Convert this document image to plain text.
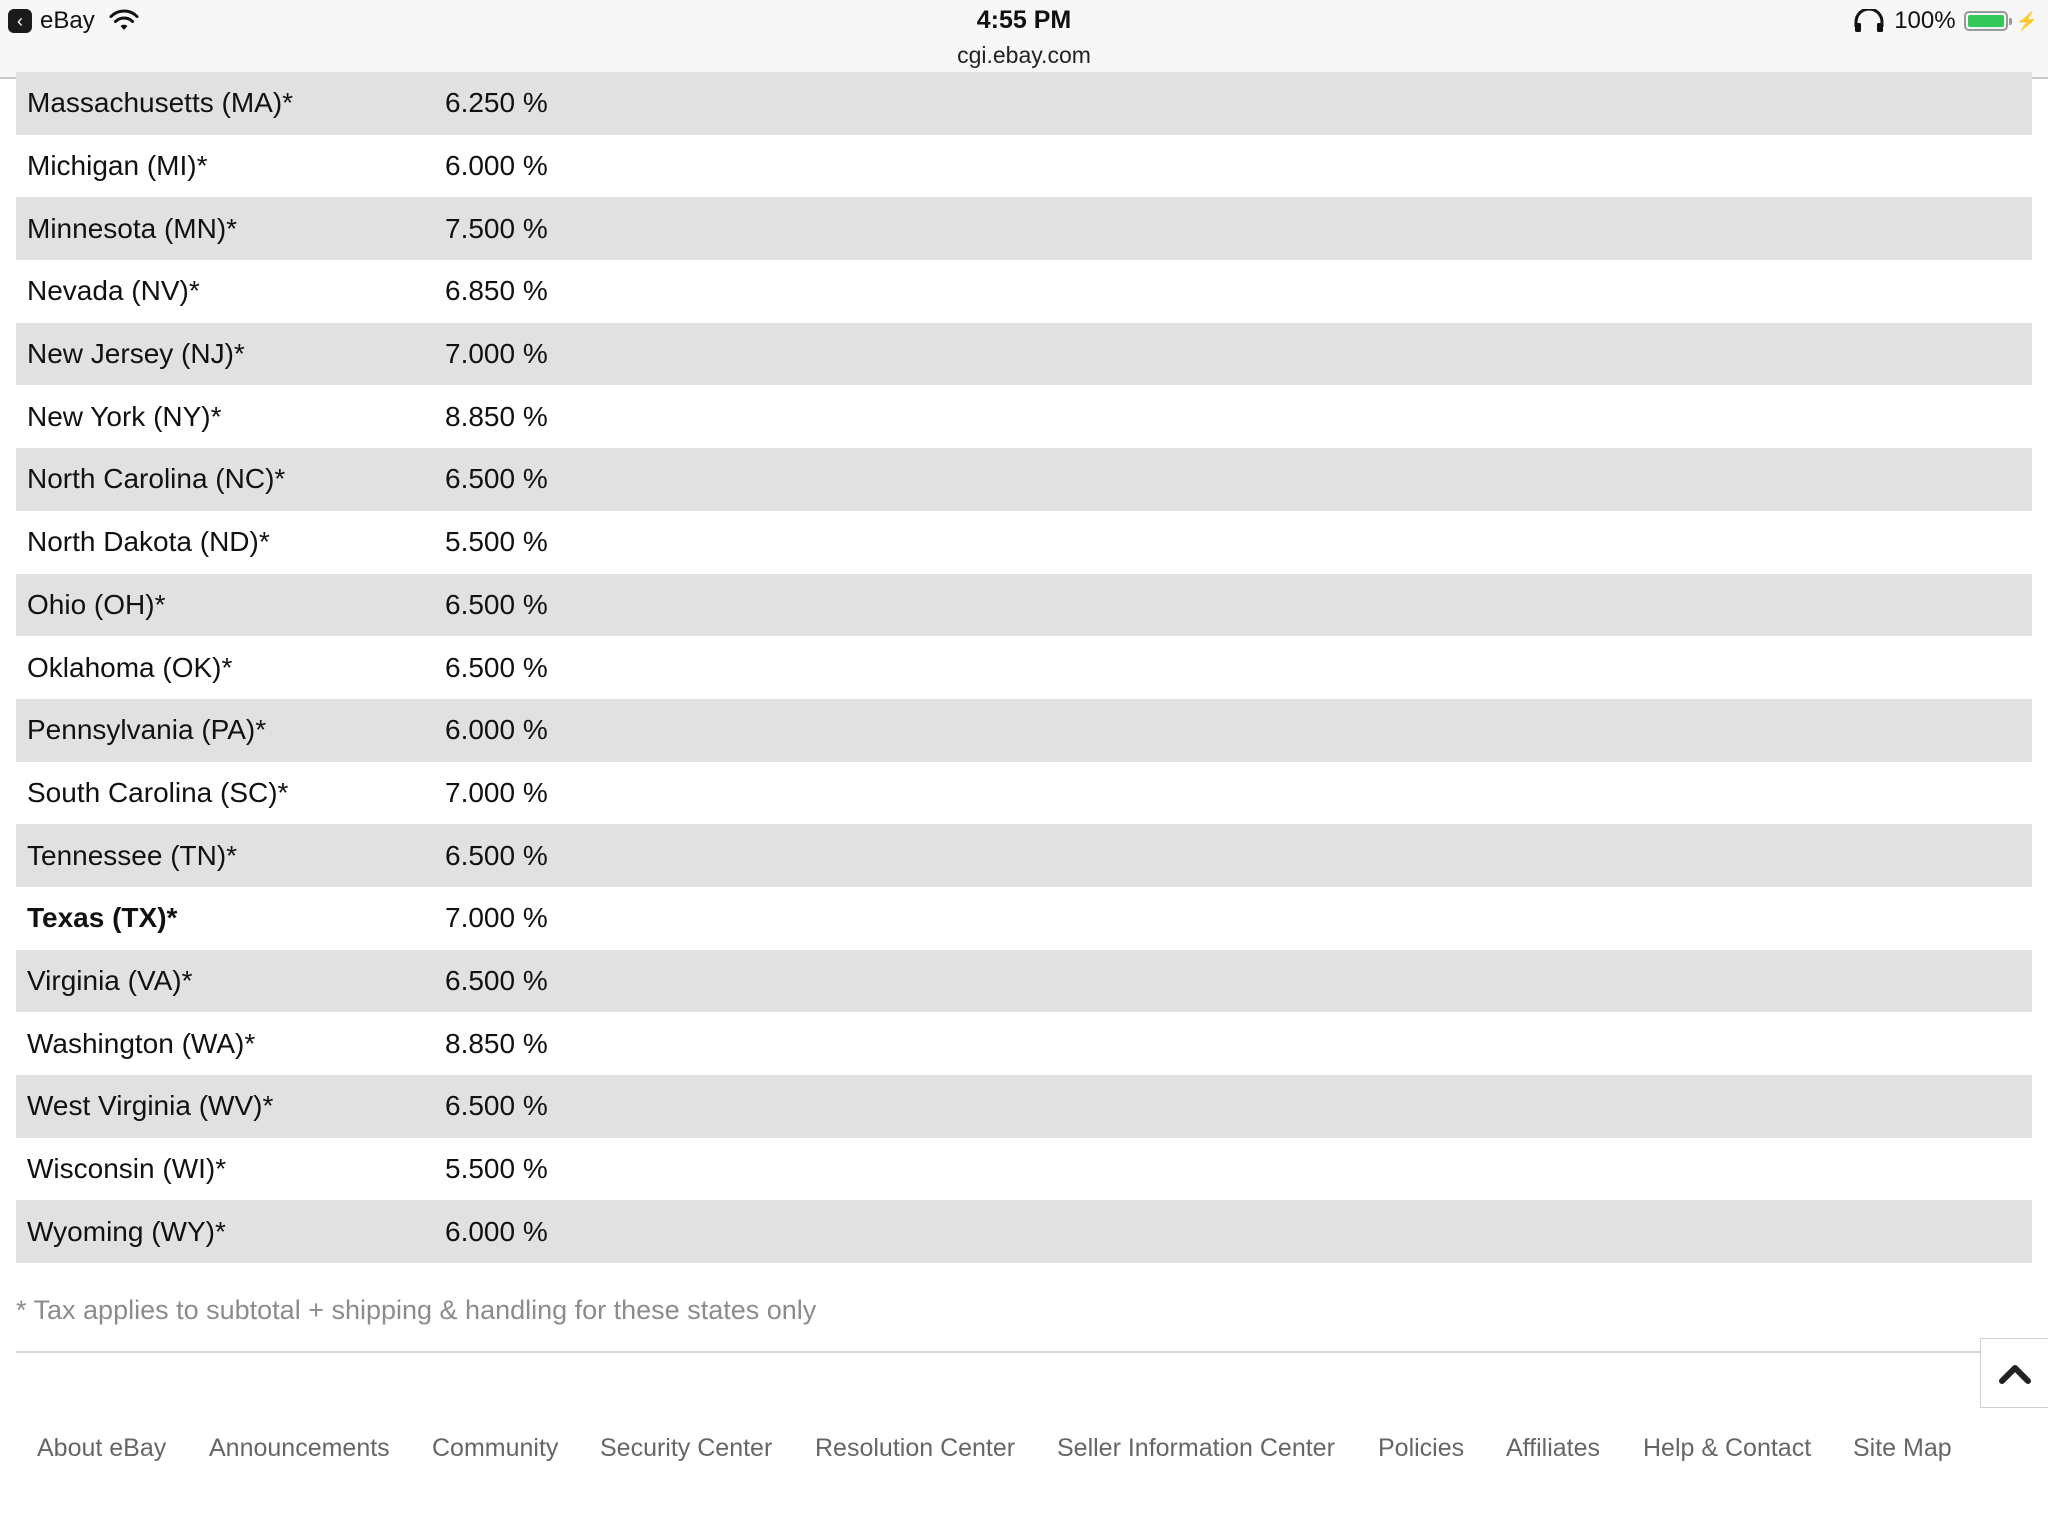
‹ eBay	4:55 PM
cgi.ebay.com
100%	⚡
Massachusetts (MA)*	6.250 %
Michigan (MI)*	6.000 %
Minnesota (MN)*	7.500 %
Nevada (NV)*	6.850 %
New Jersey (NJ)*	7.000 %
New York (NY)*	8.850 %
North Carolina (NC)*	6.500 %
North Dakota (ND)*	5.500 %
Ohio (OH)*	6.500 %
Oklahoma (OK)*	6.500 %
Pennsylvania (PA)*	6.000 %
South Carolina (SC)*	7.000 %
Tennessee (TN)*	6.500 %
Texas (TX)*	7.000 %
Virginia (VA)*	6.500 %
Washington (WA)*	8.850 %
West Virginia (WV)*	6.500 %
Wisconsin (WI)*	5.500 %
Wyoming (WY)*	6.000 %
* Tax applies to subtotal + shipping & handling for these states only
About eBay Announcements Community Security Center Resolution Center Seller Information Center Policies Affiliates Help & Contact Site Map
